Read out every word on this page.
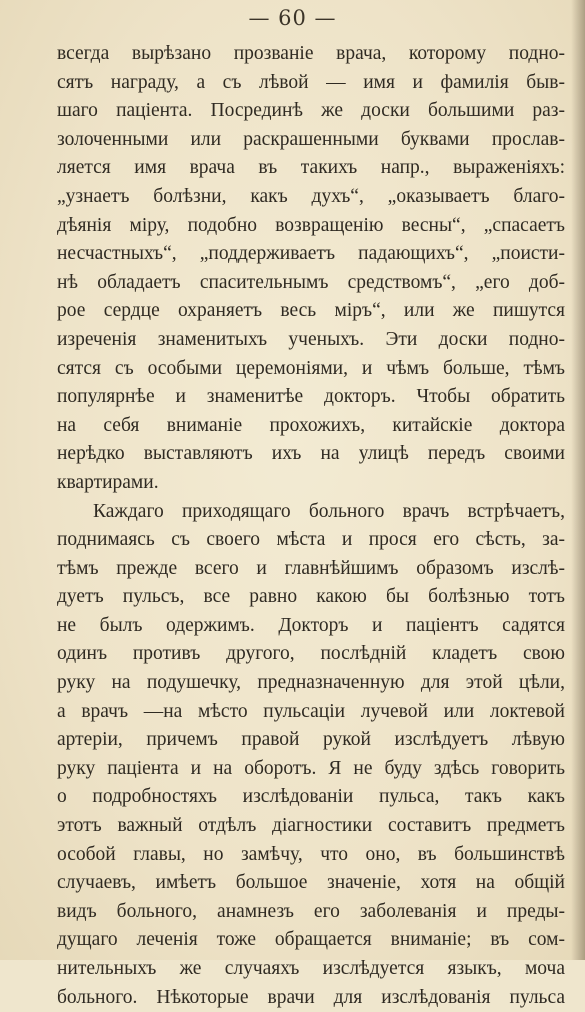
— 60 —
всегда вырѣзано прозваніе врача, которому подно-
сятъ награду, а съ лѣвой — имя и фамилія быв-
шаго паціента. Посрединѣ же доски большими раз-
золоченными или раскрашенными буквами прослав-
ляется имя врача въ такихъ напр., выраженіяхъ:
„узнаетъ болѣзни, какъ духъ“, „оказываетъ благо-
дѣянія міру, подобно возвращенію весны“, „спасаетъ
несчастныхъ“, „поддерживаетъ падающихъ“, „поисти-
нѣ обладаетъ спасительнымъ средствомъ“, „его доб-
рое сердце охраняетъ весь міръ“, или же пишутся
изреченія знаменитыхъ ученыхъ. Эти доски подно-
сятся съ особыми церемоніями, и чѣмъ больше, тѣмъ
популярнѣе и знаменитѣе докторъ. Чтобы обратить
на себя вниманіе прохожихъ, китайскіе доктора
нерѣдко выставляютъ ихъ на улицѣ передъ своими
квартирами.
Каждаго приходящаго больного врачъ встрѣчаетъ,
поднимаясь съ своего мѣста и прося его сѣсть, за-
тѣмъ прежде всего и главнѣйшимъ образомъ изслѣ-
дуетъ пульсъ, все равно какою бы болѣзнью тотъ
не былъ одержимъ. Докторъ и паціентъ садятся
одинъ противъ другого, послѣдній кладетъ свою
руку на подушечку, предназначенную для этой цѣли,
а врачъ —на мѣсто пульсаціи лучевой или локтевой
артеріи, причемъ правой рукой изслѣдуетъ лѣвую
руку паціента и на оборотъ. Я не буду здѣсь говорить
о подробностяхъ изслѣдованіи пульса, такъ какъ
этотъ важный отдѣлъ діагностики составитъ предметъ
особой главы, но замѣчу, что оно, въ большинствѣ
случаевъ, имѣетъ большое значеніе, хотя на общій
видъ больного, анамнезъ его заболеванія и преды-
дущаго леченія тоже обращается вниманіе; въ сом-
нительныхъ же случаяхъ изслѣдуется языкъ, моча
больного. Нѣкоторые врачи для изслѣдованія пульса
